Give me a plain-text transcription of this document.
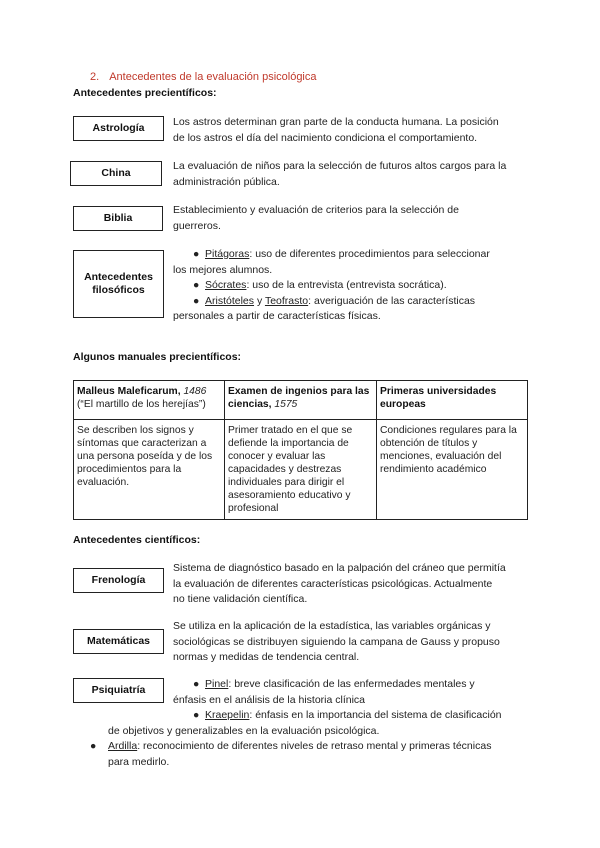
2. Antecedentes de la evaluación psicológica
Antecedentes precientíficos:
Astrología	Los astros determinan gran parte de la conducta humana. La posición
de los astros el día del nacimiento condiciona el comportamiento.
China
La evaluación de niños para la selección de futuros altos cargos para la
administración pública.
Biblia
Establecimiento y evaluación de criterios para la selección de
guerreros.
Antecedentes
filosóficos
● Pitágoras: uso de diferentes procedimientos para seleccionar
los mejores alumnos.
● Sócrates: uso de la entrevista (entrevista socrática).
● Aristóteles y Teofrasto: averiguación de las características
personales a partir de características físicas.
Algunos manuales precientíficos:
Malleus Maleficarum, 1486
(“El martillo de los herejías”)	Examen de ingenios para las ciencias, 1575	Primeras universidades europeas
Se describen los signos y síntomas que caracterizan a una persona poseída y de los procedimientos para la evaluación.	Primer tratado en el que se defiende la importancia de conocer y evaluar las capacidades y destrezas individuales para dirigir el asesoramiento educativo y profesional	Condiciones regulares para la obtención de títulos y menciones, evaluación del rendimiento académico
Antecedentes científicos:
Frenología
Sistema de diagnóstico basado en la palpación del cráneo que permitía
la evaluación de diferentes características psicológicas. Actualmente
no tiene validación científica.
Matemáticas
Se utiliza en la aplicación de la estadística, las variables orgánicas y
sociológicas se distribuyen siguiendo la campana de Gauss y propuso
normas y medidas de tendencia central.
Psiquiatría	● Pinel: breve clasificación de las enfermedades mentales y
énfasis en el análisis de la historia clínica
● Kraepelin: énfasis en la importancia del sistema de clasificación
de objetivos y generalizables en la evaluación psicológica.
● Ardilla: reconocimiento de diferentes niveles de retraso mental y primeras técnicas
para medirlo.
